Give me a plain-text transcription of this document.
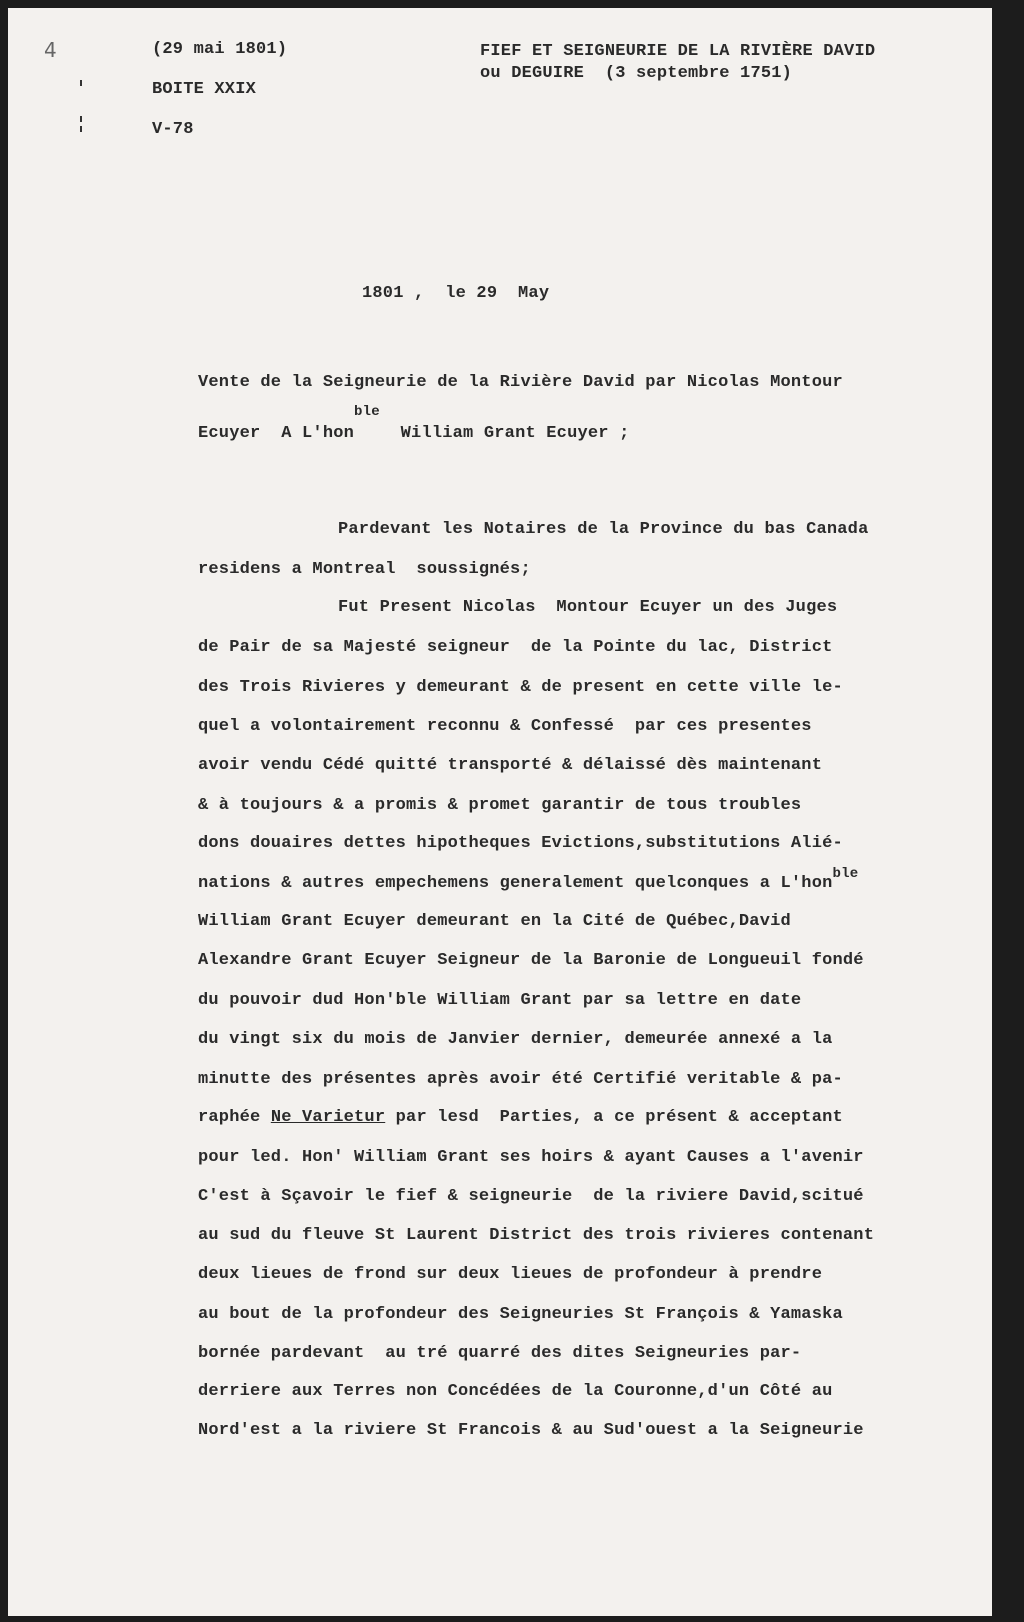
4	(29 mai 1801)
BOITE XXIX
V-78
FIEF ET SEIGNEURIE DE LA RIVIÈRE DAVID
ou DEGUIRE  (3 septembre 1751)
1801 ,  le 29  May
Vente de la Seigneurie de la Rivière David par Nicolas Montour
Ecuyer  A L'hon$^{ble}$  William Grant Ecuyer ;
Pardevant les Notaires de la Province du bas Canada
residens a Montreal  soussignés;
Fut Present Nicolas  Montour Ecuyer un des Juges
de Pair de sa Majesté seigneur  de la Pointe du lac, District
des Trois Rivieres y demeurant & de present en cette ville le-
quel a volontairement reconnu & Confessé  par ces presentes
avoir vendu Cédé quitté transporté & délaissé dès maintenant
& à toujours & a promis & promet garantir de tous troubles
dons douaires dettes hipotheques Evictions,substitutions Alié-
nations & autres empechemens generalement quelconques a L'hon$^{ble}$
William Grant Ecuyer demeurant en la Cité de Québec,David
Alexandre Grant Ecuyer Seigneur de la Baronie de Longueuil fondé
du pouvoir dud Hon'ble William Grant par sa lettre en date
du vingt six du mois de Janvier dernier, demeurée annexé a la
minutte des présentes après avoir été Certifié veritable & pa-
raphée Ne Varietur par lesd  Parties, a ce présent & acceptant
pour led. Hon' William Grant ses hoirs & ayant Causes a l'avenir
C'est à Sçavoir le fief & seigneurie  de la riviere David,scitué
au sud du fleuve St Laurent District des trois rivieres contenant
deux lieues de frond sur deux lieues de profondeur à prendre
au bout de la profondeur des Seigneuries St François & Yamaska
bornée pardevant  au tré quarré des dites Seigneuries par-
derriere aux Terres non Concédées de la Couronne,d'un Côté au
Nord'est a la riviere St Francois & au Sud'ouest a la Seigneurie
